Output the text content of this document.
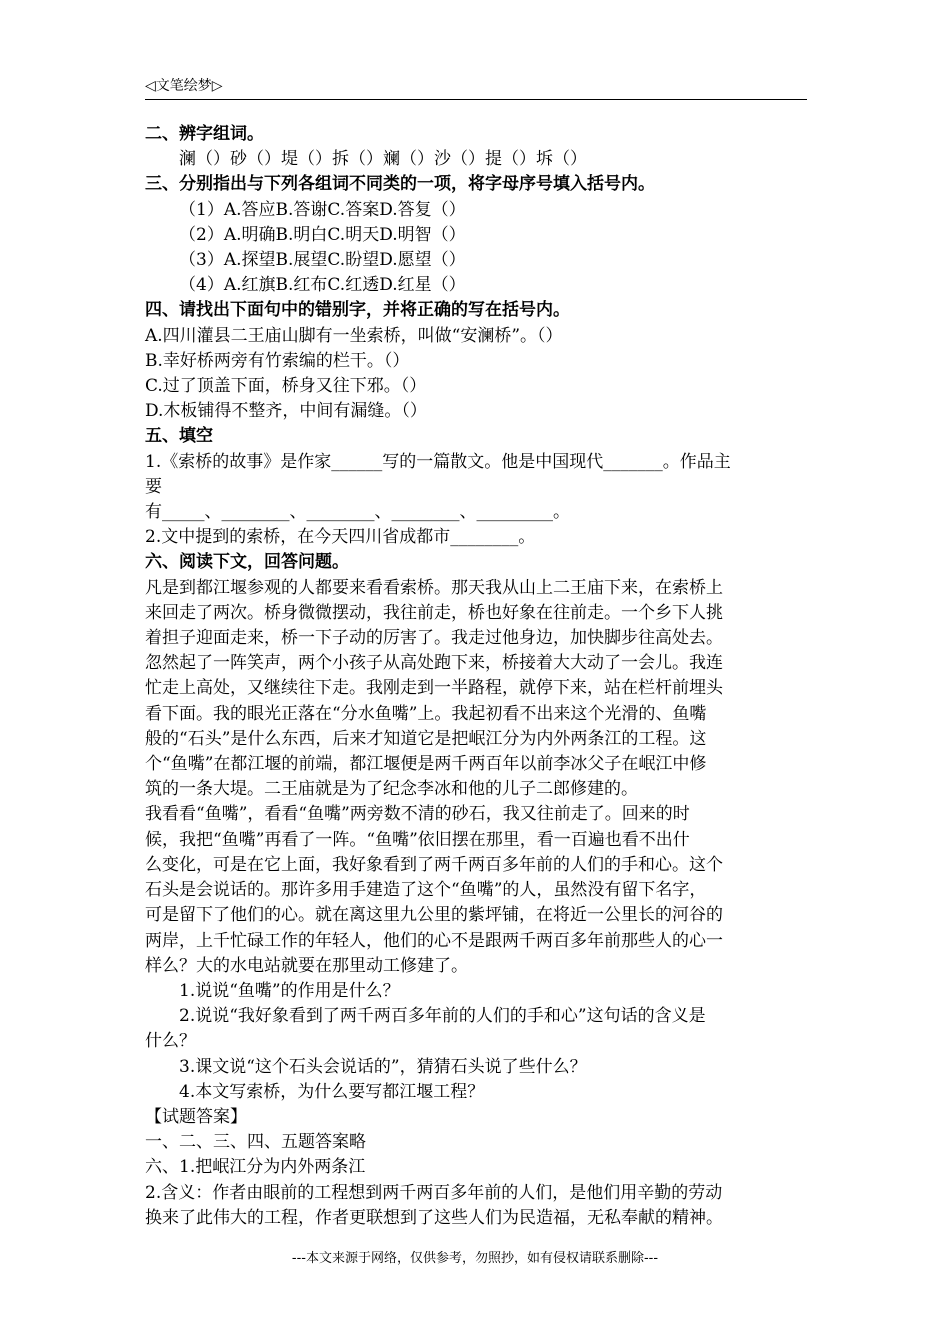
◁文笔绘梦▷
二、辨字组词。
澜（）砂（）堤（）拆（）斓（）沙（）提（）坼（）
三、分别指出与下列各组词不同类的一项，将字母序号填入括号内。
（1）A.答应B.答谢C.答案D.答复（）
（2）A.明确B.明白C.明天D.明智（）
（3）A.探望B.展望C.盼望D.愿望（）
（4）A.红旗B.红布C.红透D.红星（）
四、请找出下面句中的错别字，并将正确的写在括号内。
A.四川灌县二王庙山脚有一坐索桥，叫做“安澜桥”。（）
B.幸好桥两旁有竹索编的栏干。（）
C.过了顶盖下面，桥身又往下邪。（）
D.木板铺得不整齐，中间有漏缝。（）
五、填空
1.《索桥的故事》是作家______写的一篇散文。他是中国现代_______。作品主
要
有_____、________、________、________、_________。
2.文中提到的索桥，在今天四川省成都市________。
六、阅读下文，回答问题。
凡是到都江堰参观的人都要来看看索桥。那天我从山上二王庙下来，在索桥上
来回走了两次。桥身微微摆动，我往前走，桥也好象在往前走。一个乡下人挑
着担子迎面走来，桥一下子动的厉害了。我走过他身边，加快脚步往高处去。
忽然起了一阵笑声，两个小孩子从高处跑下来，桥接着大大动了一会儿。我连
忙走上高处，又继续往下走。我刚走到一半路程，就停下来，站在栏杆前埋头
看下面。我的眼光正落在“分水鱼嘴”上。我起初看不出来这个光滑的、鱼嘴
般的“石头”是什么东西，后来才知道它是把岷江分为内外两条江的工程。这
个“鱼嘴”在都江堰的前端，都江堰便是两千两百年以前李冰父子在岷江中修
筑的一条大堤。二王庙就是为了纪念李冰和他的儿子二郎修建的。
我看看“鱼嘴”，看看“鱼嘴”两旁数不清的砂石，我又往前走了。回来的时
候，我把“鱼嘴”再看了一阵。“鱼嘴”依旧摆在那里，看一百遍也看不出什
么变化，可是在它上面，我好象看到了两千两百多年前的人们的手和心。这个
石头是会说话的。那许多用手建造了这个“鱼嘴”的人，虽然没有留下名字，
可是留下了他们的心。就在离这里九公里的紫坪铺，在将近一公里长的河谷的
两岸，上千忙碌工作的年轻人，他们的心不是跟两千两百多年前那些人的心一
样么？大的水电站就要在那里动工修建了。
1.说说“鱼嘴”的作用是什么？
2.说说“我好象看到了两千两百多年前的人们的手和心”这句话的含义是
什么？
3.课文说“这个石头会说话的”，猜猜石头说了些什么？
4.本文写索桥，为什么要写都江堰工程？
【试题答案】
一、二、三、四、五题答案略
六、1.把岷江分为内外两条江
2.含义：作者由眼前的工程想到两千两百多年前的人们，是他们用辛勤的劳动
换来了此伟大的工程，作者更联想到了这些人们为民造福，无私奉献的精神。
---本文来源于网络，仅供参考，勿照抄，如有侵权请联系删除---
